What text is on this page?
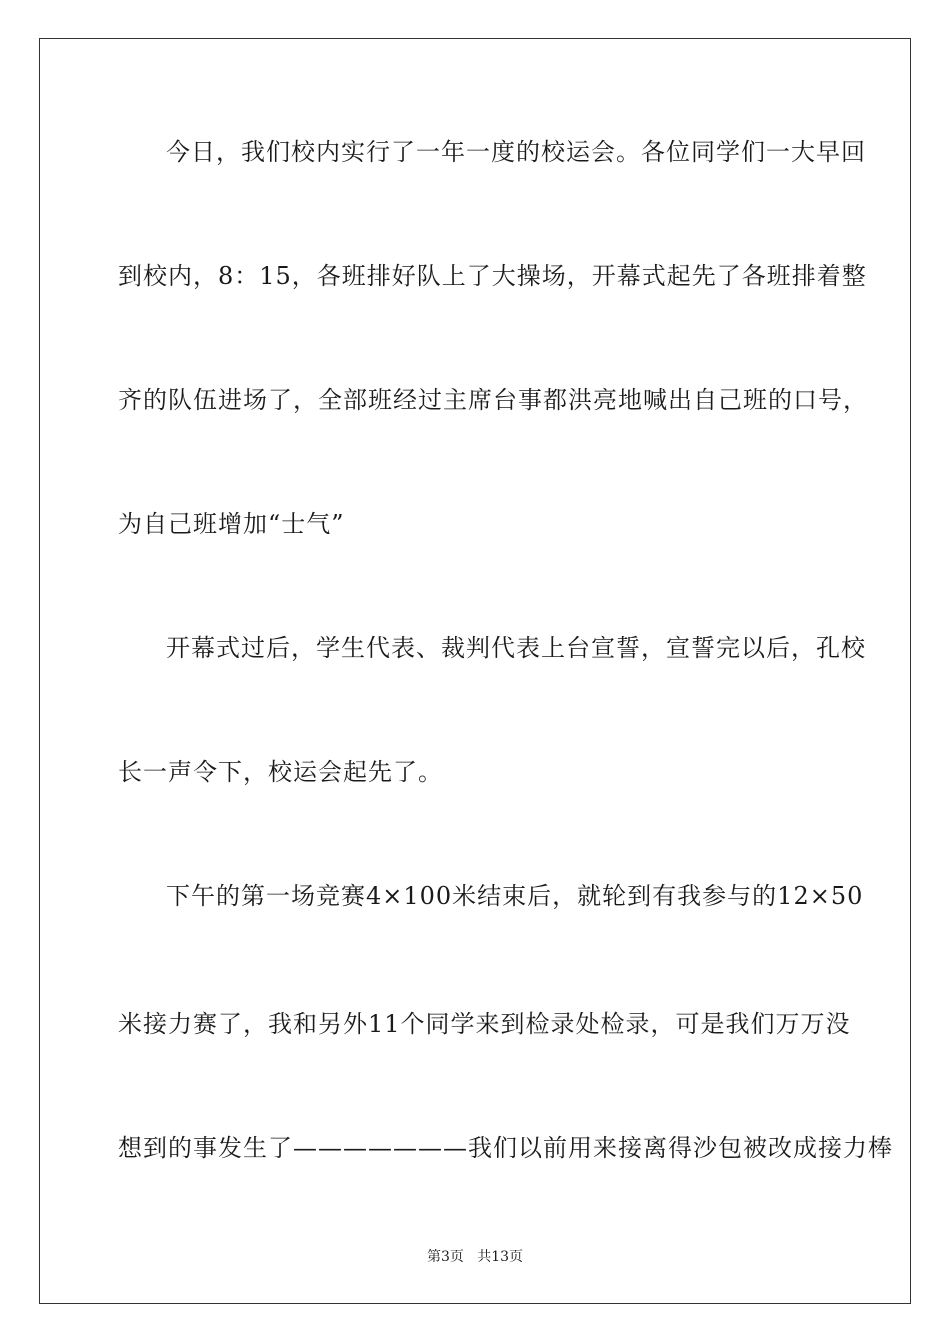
今日，我们校内实行了一年一度的校运会。各位同学们一大早回
到校内，8：15，各班排好队上了大操场，开幕式起先了各班排着整
齐的队伍进场了，全部班经过主席台事都洪亮地喊出自己班的口号，
为自己班增加“士气”
开幕式过后，学生代表、裁判代表上台宣誓，宣誓完以后，孔校
长一声令下，校运会起先了。
下午的第一场竞赛4×100米结束后，就轮到有我参与的12×50
米接力赛了，我和另外11个同学来到检录处检录，可是我们万万没
想到的事发生了———————我们以前用来接离得沙包被改成接力棒
第3页   共13页
